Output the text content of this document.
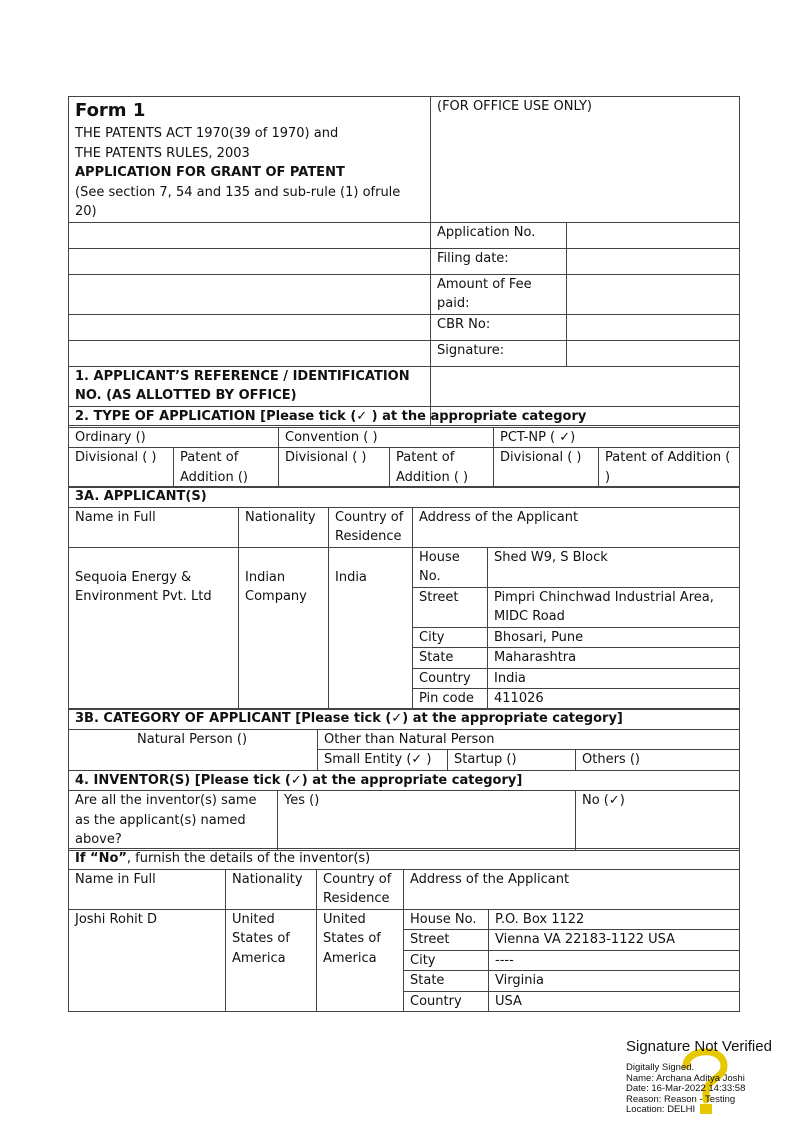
Form 1
THE PATENTS ACT 1970(39 of 1970) and
THE PATENTS RULES, 2003
APPLICATION FOR GRANT OF PATENT
(See section 7, 54 and 135 and sub-rule (1) ofrule 20)	(FOR OFFICE USE ONLY)	
	Application No.	
	Filing date:	
	Amount of Fee paid:	
	CBR No:	
	Signature:	
1. APPLICANT’S REFERENCE / IDENTIFICATION NO. (AS ALLOTTED BY OFFICE)		
2. TYPE OF APPLICATION [Please tick (✓ ) at the appropriate category					
Ordinary ()		Convention ( )		PCT-NP ( ✓)	
Divisional ( )	Patent of Addition ()	Divisional ( )	Patent of Addition ( )	Divisional ( )	Patent of Addition ( )
3A. APPLICANT(S)				
Name in Full	Nationality	Country of Residence	Address of the Applicant	
Sequoia Energy & Environment Pvt. Ltd	Indian Company	India	House No.	Shed W9, S Block
			Street	Pimpri Chinchwad Industrial Area, MIDC Road
			City	Bhosari, Pune
			State	Maharashtra
			Country	India
			Pin code	411026

3B. CATEGORY OF APPLICANT [Please tick (✓) at the appropriate category]				
Natural Person ()		Other than Natural Person		
		Small Entity (✓ )	Startup ()	Others ()
4. INVENTOR(S) [Please tick (✓) at the appropriate category]				
Are all the inventor(s) same as the applicant(s) named above?	Yes ()			No (✓)
If “No”, furnish the details of the inventor(s)				
Name in Full	Nationality	Country of Residence	Address of the Applicant	
Joshi Rohit D	United States of America	United States of America	House No.	P.O. Box 1122
			Street	Vienna VA 22183-1122 USA
			City	----
			State	Virginia
			Country	USA
Signature Not Verified
Digitally Signed.
Name: Archana Aditya Joshi
Date: 16-Mar-2022 14:33:58
Reason: Reason - Testing
Location: DELHI
